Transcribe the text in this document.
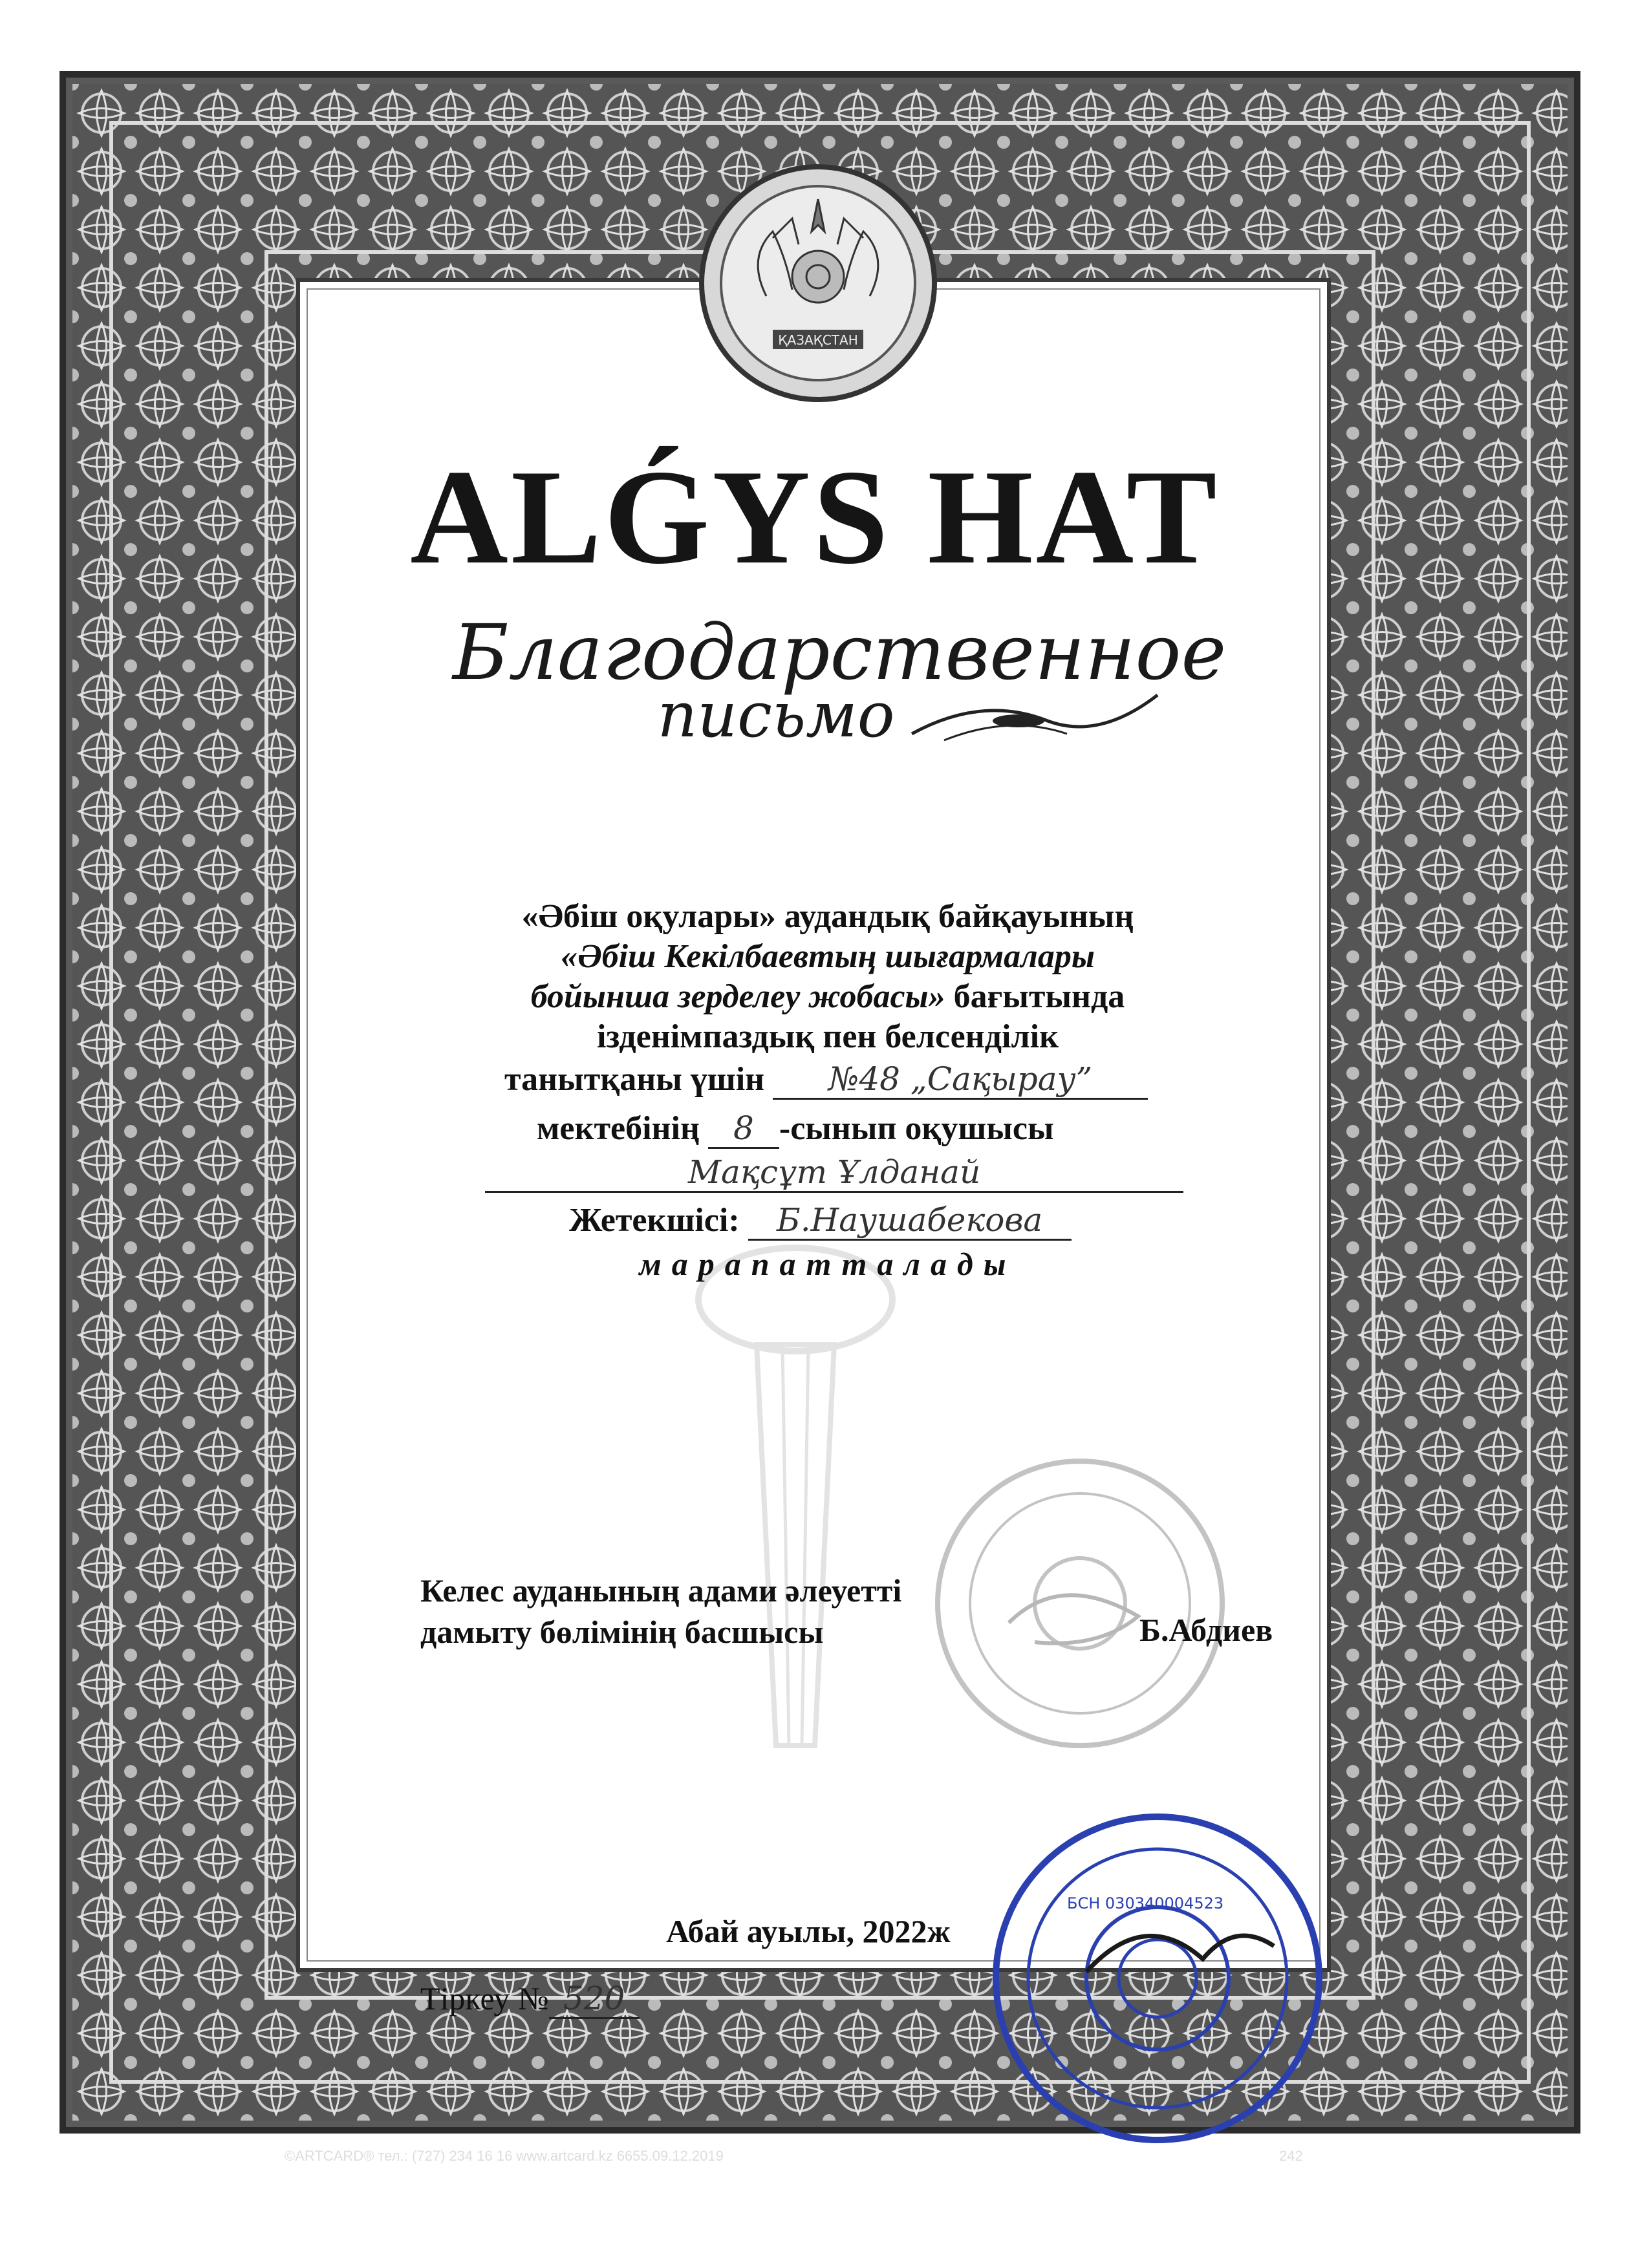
ҚАЗАҚСТАН
ALǴYS HAT
Благодарственное
письмо
«Әбіш оқулары» аудандық байқауының
«Әбіш Кекілбаевтың шығармалары
бойынша зерделеу жобасы» бағытында
ізденімпаздық пен белсенділік
танытқаны үшін №48 „Сақырау”
мектебінің 8 -сынып оқушысы
Мақсұт Ұлданай
Жетекшісі: Б.Наушабекова
марапатталады
Келес ауданының адами әлеуетті
дамыту бөлімінің басшысы	Б.Абдиев
Тіркеу № 520
Абай ауылы, 2022ж
БСН 030340004523
©ARTCARD® тел.: (727) 234 16 16 www.artcard.kz 6655.09.12.2019	242
